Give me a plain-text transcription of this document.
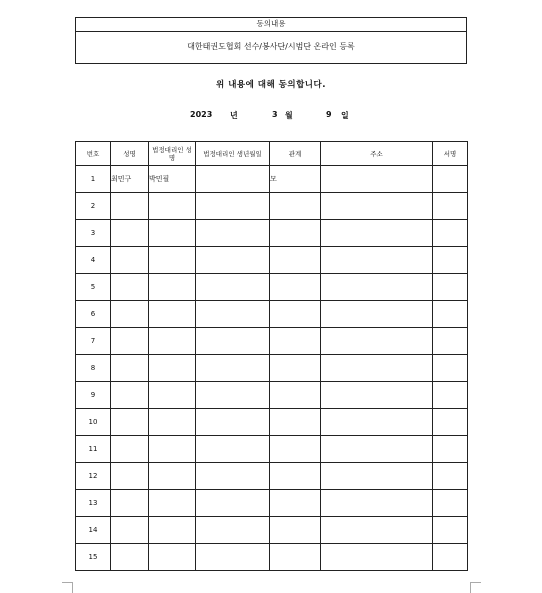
동의내용
대한태권도협회 선수/봉사단/시범단 온라인 등록
위 내용에 대해 동의합니다.
2023 년	3 월	9 일
번호	성명	법정대리인 성명	법정대리인 생년월일	관계	주소	서명
1	최민구	박민필		모		
2						
3						
4						
5						
6						
7						
8						
9						
10						
11						
12						
13						
14						
15						
